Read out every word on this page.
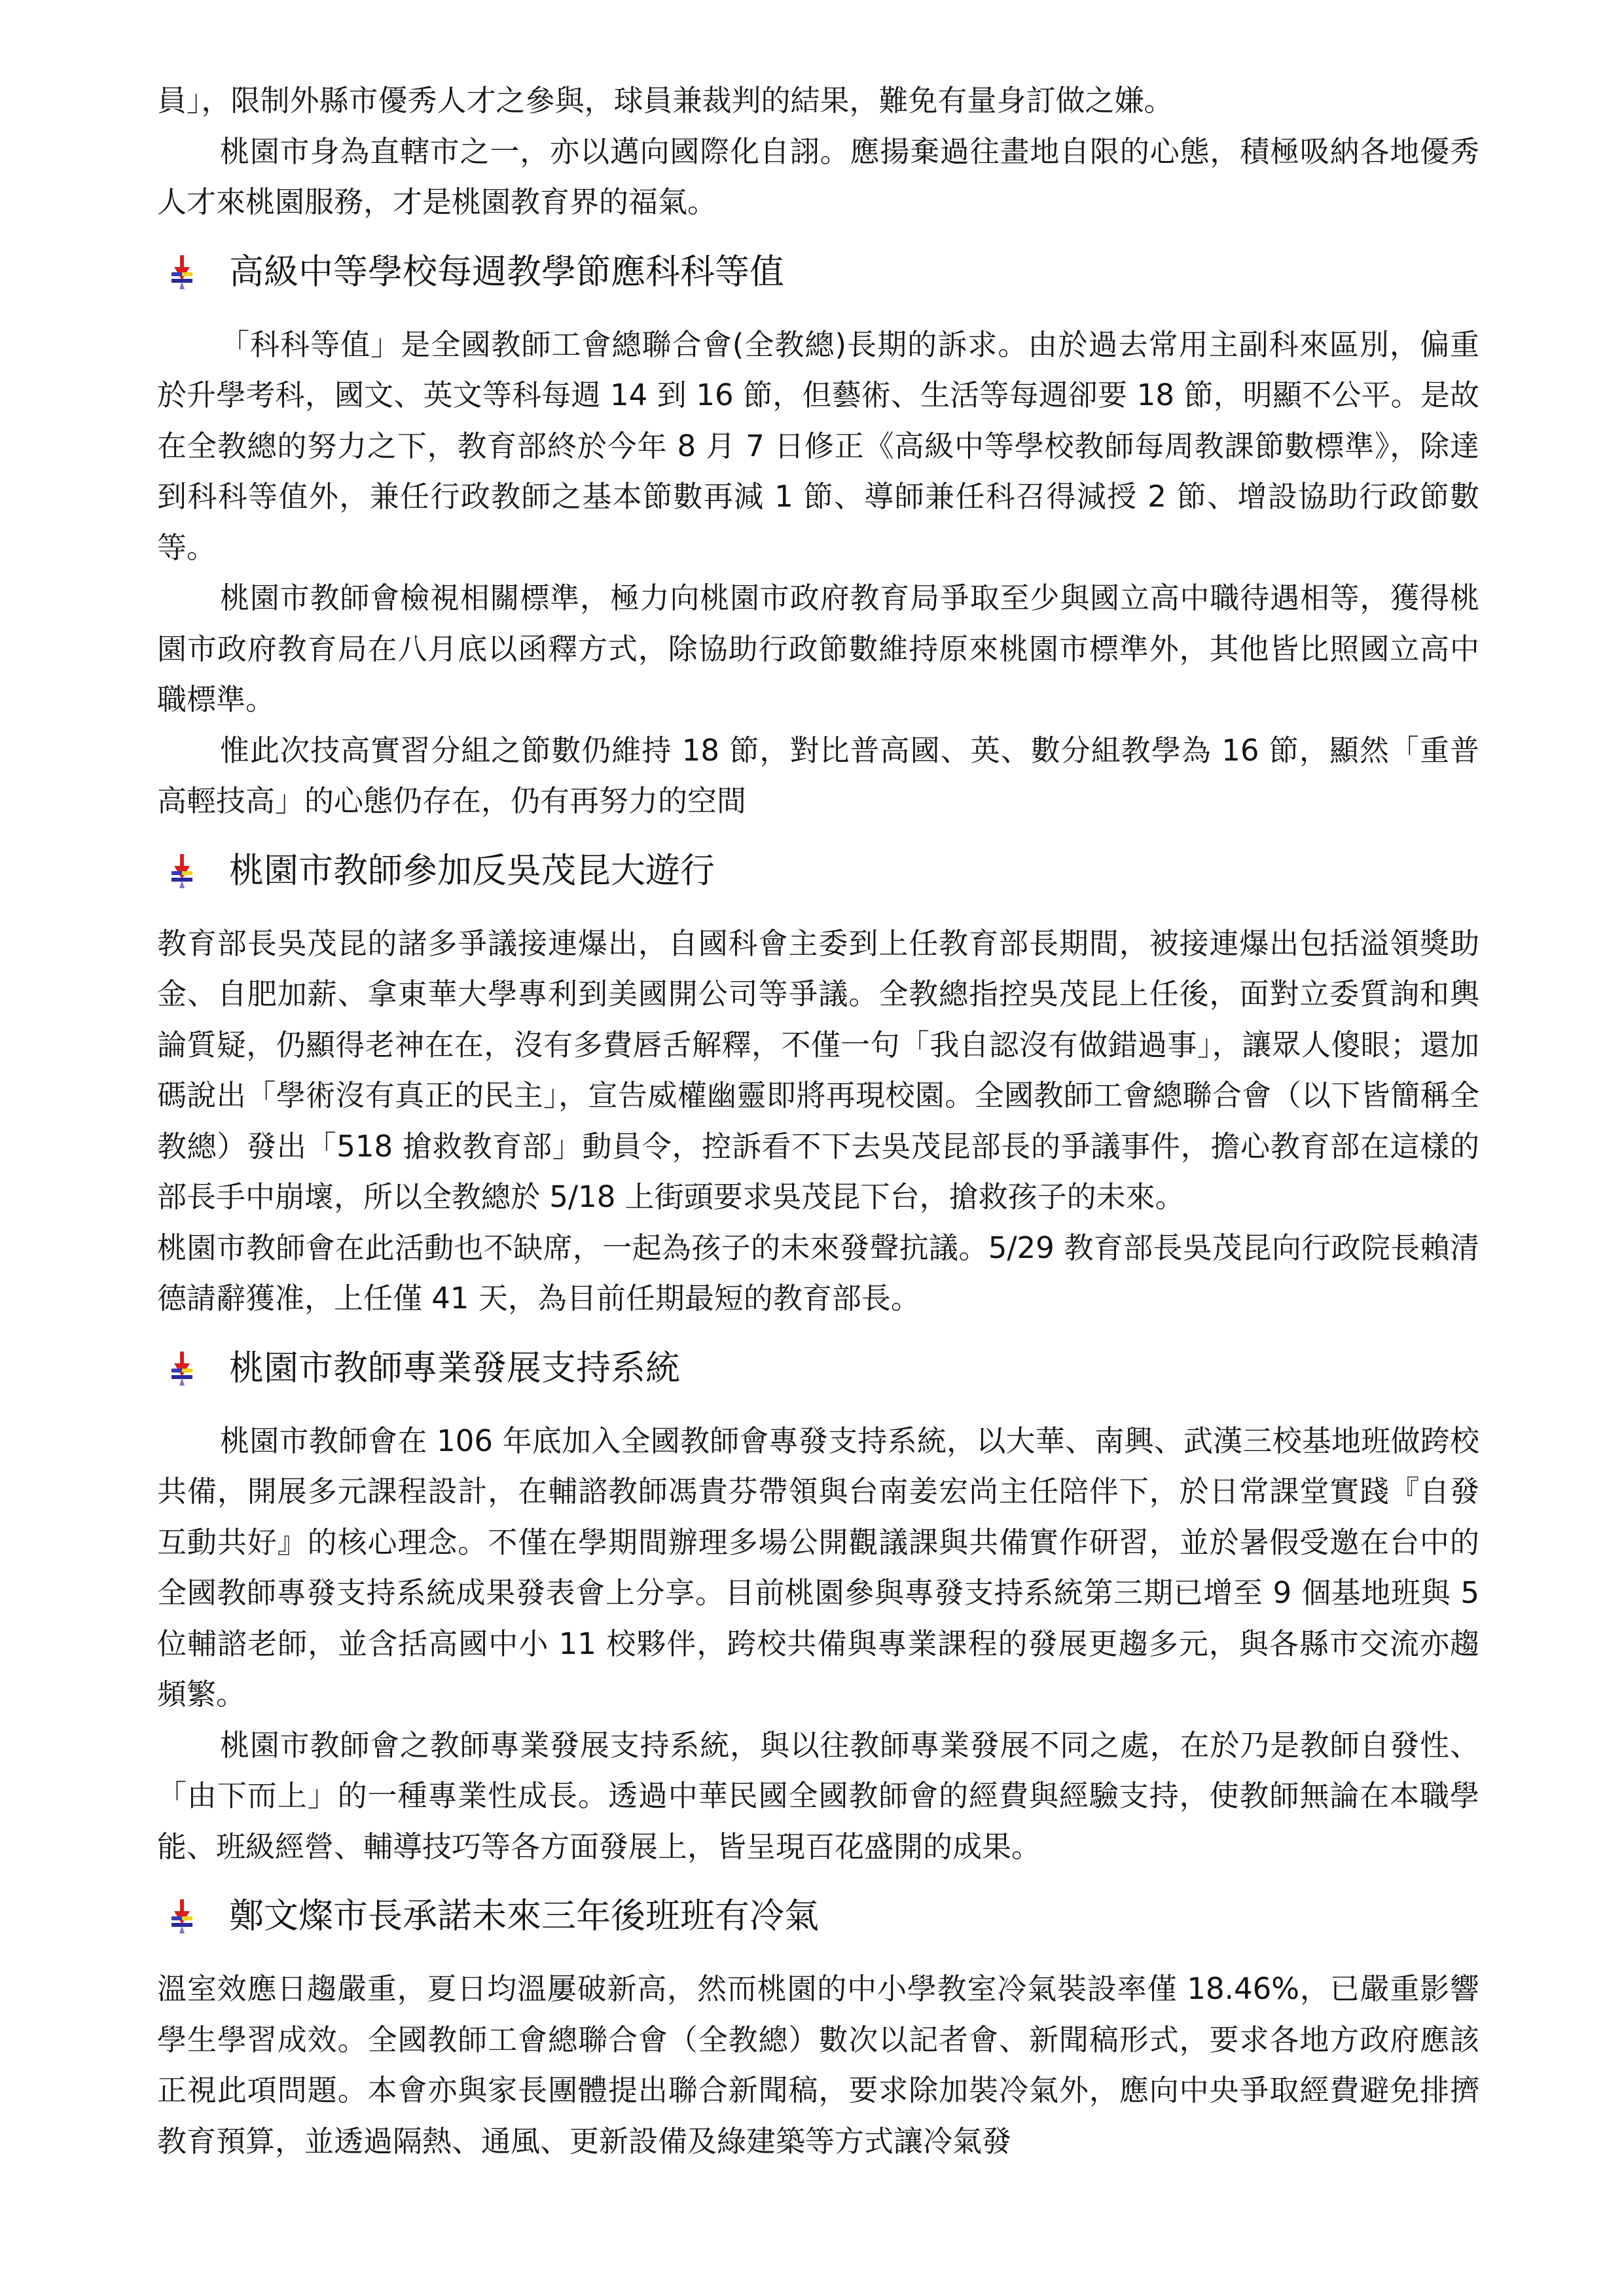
員」，限制外縣市優秀人才之參與，球員兼裁判的結果，難免有量身訂做之嫌。

桃園市身為直轄市之一，亦以邁向國際化自詡。應揚棄過往畫地自限的心態，積極吸納各地優秀人才來桃園服務，才是桃園教育界的福氣。

高級中等學校每週教學節應科科等值

「科科等值」是全國教師工會總聯合會(全教總)長期的訴求。由於過去常用主副科來區別，偏重於升學考科，國文、英文等科每週 14 到 16 節，但藝術、生活等每週卻要 18 節，明顯不公平。是故在全教總的努力之下，教育部終於今年 8 月 7 日修正《高級中等學校教師每周教課節數標準》，除達到科科等值外，兼任行政教師之基本節數再減 1 節、導師兼任科召得減授 2 節、增設協助行政節數等。

桃園市教師會檢視相關標準，極力向桃園市政府教育局爭取至少與國立高中職待遇相等，獲得桃園市政府教育局在八月底以函釋方式，除協助行政節數維持原來桃園市標準外，其他皆比照國立高中職標準。

惟此次技高實習分組之節數仍維持 18 節，對比普高國、英、數分組教學為 16 節，顯然「重普高輕技高」的心態仍存在，仍有再努力的空間

桃園市教師參加反吳茂昆大遊行

教育部長吳茂昆的諸多爭議接連爆出，自國科會主委到上任教育部長期間，被接連爆出包括溢領獎助金、自肥加薪、拿東華大學專利到美國開公司等爭議。全教總指控吳茂昆上任後，面對立委質詢和輿論質疑，仍顯得老神在在，沒有多費唇舌解釋，不僅一句「我自認沒有做錯過事」，讓眾人傻眼；還加碼說出「學術沒有真正的民主」，宣告威權幽靈即將再現校園。全國教師工會總聯合會（以下皆簡稱全教總）發出「518 搶救教育部」動員令，控訴看不下去吳茂昆部長的爭議事件，擔心教育部在這樣的部長手中崩壞，所以全教總於 5/18 上街頭要求吳茂昆下台，搶救孩子的未來。

桃園市教師會在此活動也不缺席，一起為孩子的未來發聲抗議。5/29 教育部長吳茂昆向行政院長賴清德請辭獲准，上任僅 41 天，為目前任期最短的教育部長。

桃園市教師專業發展支持系統

桃園市教師會在 106 年底加入全國教師會專發支持系統，以大華、南興、武漢三校基地班做跨校共備，開展多元課程設計，在輔諮教師馮貴芬帶領與台南姜宏尚主任陪伴下，於日常課堂實踐『自發互動共好』的核心理念。不僅在學期間辦理多場公開觀議課與共備實作研習，並於暑假受邀在台中的全國教師專發支持系統成果發表會上分享。目前桃園參與專發支持系統第三期已增至 9 個基地班與 5 位輔諮老師，並含括高國中小 11 校夥伴，跨校共備與專業課程的發展更趨多元，與各縣市交流亦趨頻繁。

桃園市教師會之教師專業發展支持系統，與以往教師專業發展不同之處，在於乃是教師自發性、「由下而上」的一種專業性成長。透過中華民國全國教師會的經費與經驗支持，使教師無論在本職學能、班級經營、輔導技巧等各方面發展上，皆呈現百花盛開的成果。

鄭文燦市長承諾未來三年後班班有冷氣

溫室效應日趨嚴重，夏日均溫屢破新高，然而桃園的中小學教室冷氣裝設率僅 18.46%，已嚴重影響學生學習成效。全國教師工會總聯合會（全教總）數次以記者會、新聞稿形式，要求各地方政府應該正視此項問題。本會亦與家長團體提出聯合新聞稿，要求除加裝冷氣外，應向中央爭取經費避免排擠教育預算，並透過隔熱、通風、更新設備及綠建築等方式讓冷氣發
